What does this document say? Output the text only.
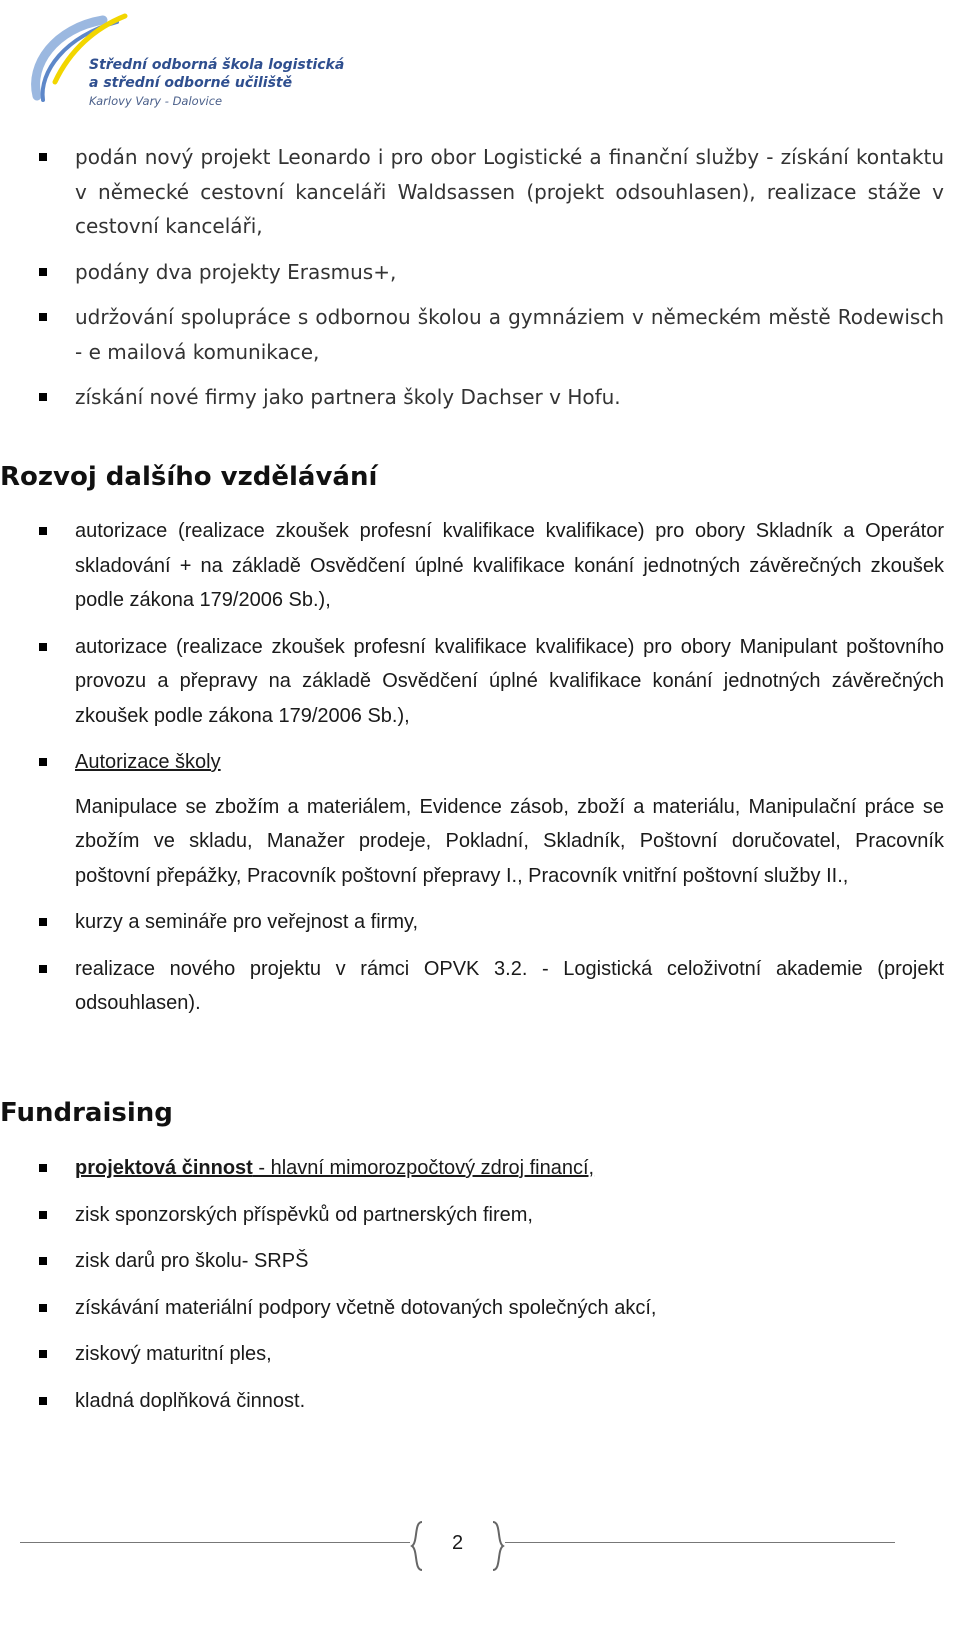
Střední odborná škola logistická
a střední odborné učiliště
Karlovy Vary - Dalovice
podán nový projekt Leonardo i pro obor Logistické a finanční služby - získání kontaktu v německé cestovní kanceláři Waldsassen (projekt odsouhlasen), realizace stáže v cestovní kanceláři,
podány dva projekty Erasmus+,
udržování spolupráce s odbornou školou a gymnáziem v německém městě Rodewisch - e mailová komunikace,
získání nové firmy jako partnera školy Dachser v Hofu.
Rozvoj dalšího vzdělávání
autorizace (realizace zkoušek profesní kvalifikace kvalifikace) pro obory Skladník a Operátor skladování + na základě Osvědčení úplné kvalifikace konání jednotných závěrečných zkoušek podle zákona 179/2006 Sb.),
autorizace (realizace zkoušek profesní kvalifikace kvalifikace) pro obory Manipulant poštovního provozu a přepravy na základě Osvědčení úplné kvalifikace konání jednotných závěrečných zkoušek podle zákona 179/2006 Sb.),
Autorizace školy
Manipulace se zbožím a materiálem, Evidence zásob, zboží a materiálu, Manipulační práce se zbožím ve skladu, Manažer prodeje, Pokladní, Skladník, Poštovní doručovatel, Pracovník poštovní přepážky, Pracovník poštovní přepravy I., Pracovník vnitřní poštovní služby II.,
kurzy a semináře pro veřejnost a firmy,
realizace nového projektu v rámci OPVK 3.2. - Logistická celoživotní akademie (projekt odsouhlasen).
Fundraising
projektová činnost - hlavní mimorozpočtový zdroj financí,
zisk sponzorských příspěvků od partnerských firem,
zisk darů pro školu- SRPŠ
získávání materiální podpory včetně dotovaných společných akcí,
ziskový maturitní ples,
kladná doplňková činnost.
2
